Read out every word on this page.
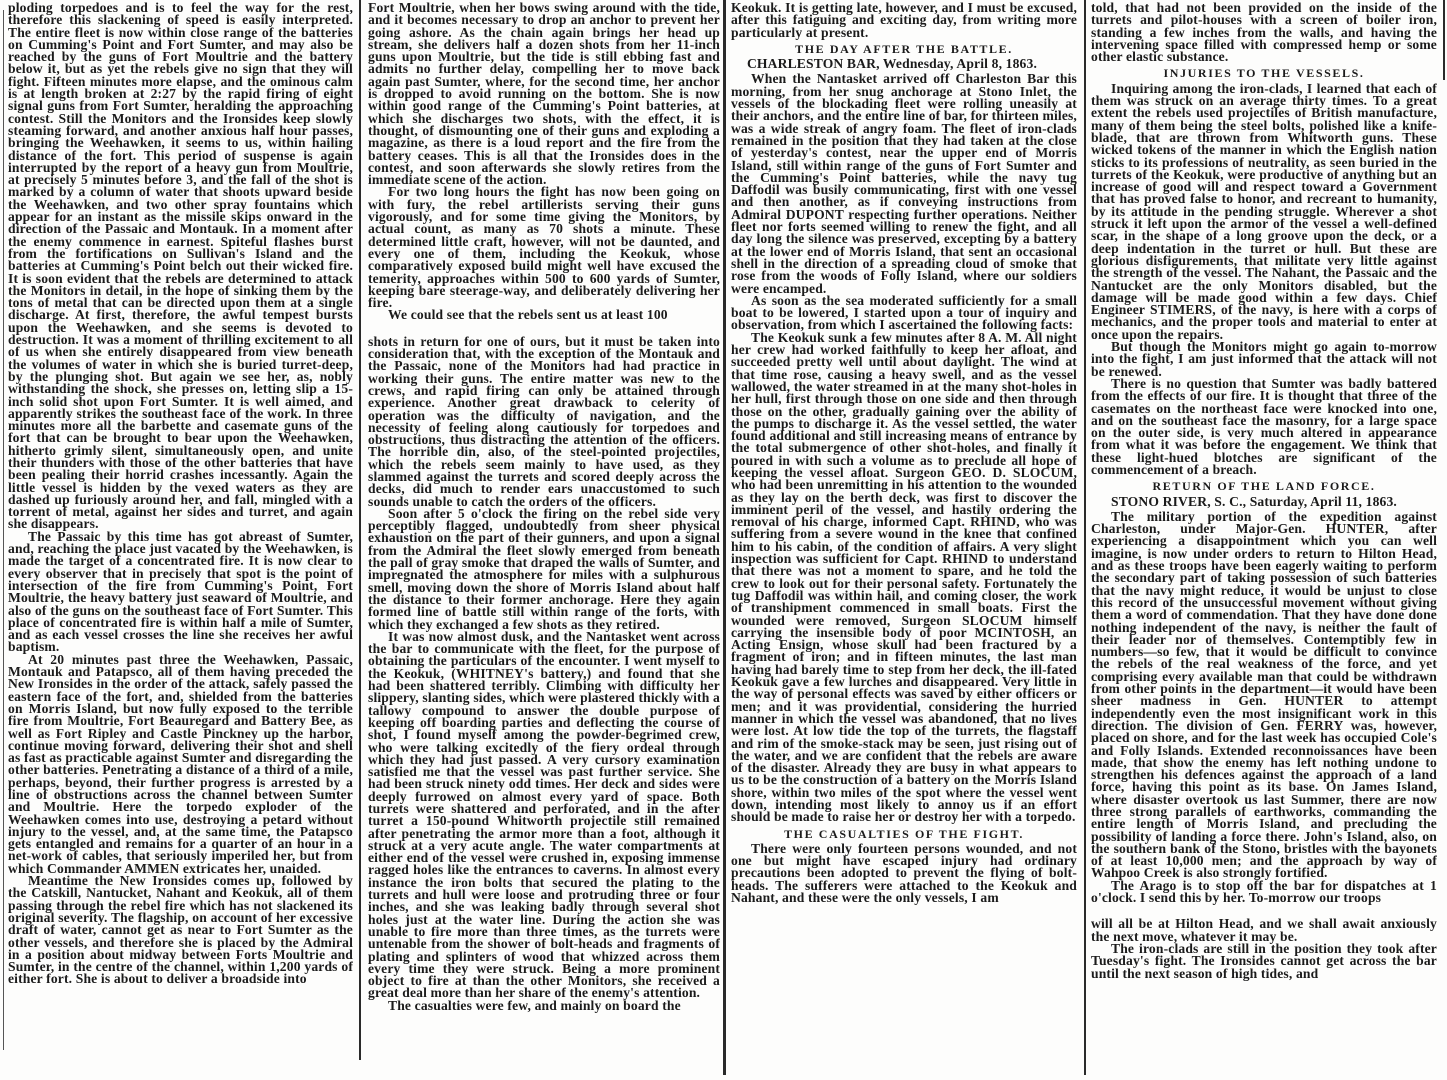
ploding torpedoes and is to feel the way for the rest, therefore this slackening of speed is easily interpreted. The entire fleet is now within close range of the batteries on Cumming's Point and Fort Sumter, and may also be reached by the guns of Fort Moultrie and the battery below it, but as yet the rebels give no sign that they will fight. Fifteen minutes more elapse, and the ominous calm is at length broken at 2:27 by the rapid firing of eight signal guns from Fort Sumter, heralding the approaching contest. Still the Monitors and the Ironsides keep slowly steaming forward, and another anxious half hour passes, bringing the Weehawken, it seems to us, within hailing distance of the fort. This period of suspense is again interrupted by the report of a heavy gun from Moultrie, at precisely 5 minutes before 3, and the fall of the shot is marked by a column of water that shoots upward beside the Weehawken, and two other spray fountains which appear for an instant as the missile skips onward in the direction of the Passaic and Montauk. In a moment after the enemy commence in earnest. Spiteful flashes burst from the fortifications on Sullivan's Island and the batteries at Cumming's Point belch out their wicked fire. It is soon evident that the rebels are determined to attack the Monitors in detail, in the hope of sinking them by the tons of metal that can be directed upon them at a single discharge. At first, therefore, the awful tempest bursts upon the Weehawken, and she seems is devoted to destruction. It was a moment of thrilling excitement to all of us when she entirely disappeared from view beneath the volumes of water in which she is buried turret-deep, by the plunging shot. But again we see her, as, nobly withstanding the shock, she presses on, letting slip a 15-inch solid shot upon Fort Sumter. It is well aimed, and apparently strikes the southeast face of the work. In three minutes more all the barbette and casemate guns of the fort that can be brought to bear upon the Weehawken, hitherto grimly silent, simultaneously open, and unite their thunders with those of the other batteries that have been pealing their horrid crashes incessantly. Again the little vessel is hidden by the vexed waters as they are dashed up furiously around her, and fall, mingled with a torrent of metal, against her sides and turret, and again she disappears.

The Passaic by this time has got abreast of Sumter, and, reaching the place just vacated by the Weehawken, is made the target of a concentrated fire. It is now clear to every observer that in precisely that spot is the point of intersection of the fire from Cumming's Point, Fort Moultrie, the heavy battery just seaward of Moultrie, and also of the guns on the southeast face of Fort Sumter. This place of concentrated fire is within half a mile of Sumter, and as each vessel crosses the line she receives her awful baptism.

At 20 minutes past three the Weehawken, Passaic, Montauk and Patapsco, all of them having preceded the New Ironsides in the order of the attack, safely passed the eastern face of the fort, and, shielded from the batteries on Morris Island, but now fully exposed to the terrible fire from Moultrie, Fort Beauregard and Battery Bee, as well as Fort Ripley and Castle Pinckney up the harbor, continue moving forward, delivering their shot and shell as fast as practicable against Sumter and disregarding the other batteries. Penetrating a distance of a third of a mile, perhaps, beyond, their further progress is arrested by a line of obstructions across the channel between Sumter and Moultrie. Here the torpedo exploder of the Weehawken comes into use, destroying a petard without injury to the vessel, and, at the same time, the Patapsco gets entangled and remains for a quarter of an hour in a net-work of cables, that seriously imperiled her, but from which Commander AMMEN extricates her, unaided.

Meantime the New Ironsides comes up, followed by the Catskill, Nantucket, Nahant and Keokuk, all of them passing through the rebel fire which has not slackened its original severity. The flagship, on account of her excessive draft of water, cannot get as near to Fort Sumter as the other vessels, and therefore she is placed by the Admiral in a position about midway between Forts Moultrie and Sumter, in the centre of the channel, within 1,200 yards of either fort. She is about to deliver a broadside into

Fort Moultrie, when her bows swing around with the tide, and it becomes necessary to drop an anchor to prevent her going ashore. As the chain again brings her head up stream, she delivers half a dozen shots from her 11-inch guns upon Moultrie, but the tide is still ebbing fast and admits no further delay, compelling her to move back again past Sumter, where, for the second time, her anchor is dropped to avoid running on the bottom. She is now within good range of the Cumming's Point batteries, at which she discharges two shots, with the effect, it is thought, of dismounting one of their guns and exploding a magazine, as there is a loud report and the fire from the battery ceases. This is all that the Ironsides does in the contest, and soon afterwards she slowly retires from the immediate scene of the action.

For two long hours the fight has now been going on with fury, the rebel artillerists serving their guns vigorously, and for some time giving the Monitors, by actual count, as many as 70 shots a minute. These determined little craft, however, will not be daunted, and every one of them, including the Keokuk, whose comparatively exposed build might well have excused the temerity, approaches within 500 to 600 yards of Sumter, keeping bare steerage-way, and deliberately delivering her fire.

We could see that the rebels sent us at least 100

shots in return for one of ours, but it must be taken into consideration that, with the exception of the Montauk and the Passaic, none of the Monitors had had practice in working their guns. The entire matter was new to the crews, and rapid firing can only be attained through experience. Another great drawback to celerity of operation was the difficulty of navigation, and the necessity of feeling along cautiously for torpedoes and obstructions, thus distracting the attention of the officers. The horrible din, also, of the steel-pointed projectiles, which the rebels seem mainly to have used, as they slammed against the turrets and scored deeply across the decks, did much to render ears unaccustomed to such sounds unable to catch the orders of the officers.

Soon after 5 o'clock the firing on the rebel side very perceptibly flagged, undoubtedly from sheer physical exhaustion on the part of their gunners, and upon a signal from the Admiral the fleet slowly emerged from beneath the pall of gray smoke that draped the walls of Sumter, and impregnated the atmosphere for miles with a sulphurous smell, moving down the shore of Morris Island about half the distance to their former anchorage. Here they again formed line of battle still within range of the forts, with which they exchanged a few shots as they retired.

It was now almost dusk, and the Nantasket went across the bar to communicate with the fleet, for the purpose of obtaining the particulars of the encounter. I went myself to the Keokuk, (WHITNEY's battery,) and found that she had been shattered terribly. Climbing with difficulty her slippery, slanting sides, which were plastered thickly with a tallowy compound to answer the double purpose of keeping off boarding parties and deflecting the course of shot, I found myself among the powder-begrimed crew, who were talking excitedly of the fiery ordeal through which they had just passed. A very cursory examination satisfied me that the vessel was past further service. She had been struck ninety odd times. Her deck and sides were deeply furrowed on almost every yard of space. Both turrets were shattered and perforated, and in the after turret a 150-pound Whitworth projectile still remained after penetrating the armor more than a foot, although it struck at a very acute angle. The water compartments at either end of the vessel were crushed in, exposing immense ragged holes like the entrances to caverns. In almost every instance the iron bolts that secured the plating to the turrets and hull were loose and protruding three or four inches, and she was leaking badly through several shot holes just at the water line. During the action she was unable to fire more than three times, as the turrets were untenable from the shower of bolt-heads and fragments of plating and splinters of wood that whizzed across them every time they were struck. Being a more prominent object to fire at than the other Monitors, she received a great deal more than her share of the enemy's attention.

The casualties were few, and mainly on board the

Keokuk. It is getting late, however, and I must be excused, after this fatiguing and exciting day, from writing more particularly at present.

THE DAY AFTER THE BATTLE.
CHARLESTON BAR, Wednesday, April 8, 1863.

When the Nantasket arrived off Charleston Bar this morning, from her snug anchorage at Stono Inlet, the vessels of the blockading fleet were rolling uneasily at their anchors, and the entire line of bar, for thirteen miles, was a wide streak of angry foam. The fleet of iron-clads remained in the position that they had taken at the close of yesterday's contest, near the upper end of Morris Island, still within range of the guns of Fort Sumter and the Cumming's Point batteries, while the navy tug Daffodil was busily communicating, first with one vessel and then another, as if conveying instructions from Admiral DUPONT respecting further operations. Neither fleet nor forts seemed willing to renew the fight, and all day long the silence was preserved, excepting by a battery at the lower end of Morris Island, that sent an occasional shell in the direction of a spreading cloud of smoke that rose from the woods of Folly Island, where our soldiers were encamped.

As soon as the sea moderated sufficiently for a small boat to be lowered, I started upon a tour of inquiry and observation, from which I ascertained the following facts:

The Keokuk sunk a few minutes after 8 A. M. All night her crew had worked faithfully to keep her afloat, and succeeded pretty well until about daylight. The wind at that time rose, causing a heavy swell, and as the vessel wallowed, the water streamed in at the many shot-holes in her hull, first through those on one side and then through those on the other, gradually gaining over the ability of the pumps to discharge it. As the vessel settled, the water found additional and still increasing means of entrance by the total submergence of other shot-holes, and finally it poured in with such a volume as to preclude all hope of keeping the vessel afloat. Surgeon GEO. D. SLOCUM, who had been unremitting in his attention to the wounded as they lay on the berth deck, was first to discover the imminent peril of the vessel, and hastily ordering the removal of his charge, informed Capt. RHIND, who was suffering from a severe wound in the knee that confined him to his cabin, of the condition of affairs. A very slight inspection was sufficient for Capt. RHIND to understand that there was not a moment to spare, and he told the crew to look out for their personal safety. Fortunately the tug Daffodil was within hail, and coming closer, the work of transhipment commenced in small boats. First the wounded were removed, Surgeon SLOCUM himself carrying the insensible body of poor MCINTOSH, an Acting Ensign, whose skull had been fractured by a fragment of iron; and in fifteen minutes, the last man having had barely time to step from her deck, the ill-fated Keokuk gave a few lurches and disappeared. Very little in the way of personal effects was saved by either officers or men; and it was providential, considering the hurried manner in which the vessel was abandoned, that no lives were lost. At low tide the top of the turrets, the flagstaff and rim of the smoke-stack may be seen, just rising out of the water, and we are confident that the rebels are aware of the disaster. Already they are busy in what appears to us to be the construction of a battery on the Morris Island shore, within two miles of the spot where the vessel went down, intending most likely to annoy us if an effort should be made to raise her or destroy her with a torpedo.

THE CASUALTIES OF THE FIGHT.

There were only fourteen persons wounded, and not one but might have escaped injury had ordinary precautions been adopted to prevent the flying of bolt-heads. The sufferers were attached to the Keokuk and Nahant, and these were the only vessels, I am

told, that had not been provided on the inside of the turrets and pilot-houses with a screen of boiler iron, standing a few inches from the walls, and having the intervening space filled with compressed hemp or some other elastic substance.

INJURIES TO THE VESSELS.

Inquiring among the iron-clads, I learned that each of them was struck on an average thirty times. To a great extent the rebels used projectiles of British manufacture, many of them being the steel bolts, polished like a knife-blade, that are thrown from Whitworth guns. These wicked tokens of the manner in which the English nation sticks to its professions of neutrality, as seen buried in the turrets of the Keokuk, were productive of anything but an increase of good will and respect toward a Government that has proved false to honor, and recreant to humanity, by its attitude in the pending struggle. Wherever a shot struck it left upon the armor of the vessel a well-defined scar, in the shape of a long groove upon the deck, or a deep indentation in the turret or hull. But these are glorious disfigurements, that militate very little against the strength of the vessel. The Nahant, the Passaic and the Nantucket are the only Monitors disabled, but the damage will be made good within a few days. Chief Engineer STIMERS, of the navy, is here with a corps of mechanics, and the proper tools and material to enter at once upon the repairs.

But though the Monitors might go again to-morrow into the fight, I am just informed that the attack will not be renewed.

There is no question that Sumter was badly battered from the effects of our fire. It is thought that three of the casemates on the northeast face were knocked into one, and on the southeast face the masonry, for a large space on the outer side, is very much altered in appearance from what it was before the engagement. We think that these light-hued blotches are significant of the commencement of a breach.

RETURN OF THE LAND FORCE.
STONO RIVER, S. C., Saturday, April 11, 1863.

The military portion of the expedition against Charleston, under Major-Gen. HUNTER, after experiencing a disappointment which you can well imagine, is now under orders to return to Hilton Head, and as these troops have been eagerly waiting to perform the secondary part of taking possession of such batteries that the navy might reduce, it would be unjust to close this record of the unsuccessful movement without giving them a word of commendation. That they have done done nothing independent of the navy, is neither the fault of their leader nor of themselves. Contemptibly few in numbers—so few, that it would be difficult to convince the rebels of the real weakness of the force, and yet comprising every available man that could be withdrawn from other points in the department—it would have been sheer madness in Gen. HUNTER to attempt independently even the most insignificant work in this direction. The division of Gen. FERRY was, however, placed on shore, and for the last week has occupied Cole's and Folly Islands. Extended reconnoissances have been made, that show the enemy has left nothing undone to strengthen his defences against the approach of a land force, having this point as its base. On James Island, where disaster overtook us last Summer, there are now three strong parallels of earthworks, commanding the entire length of Morris Island, and precluding the possibility of landing a force there. John's Island, also, on the southern bank of the Stono, bristles with the bayonets of at least 10,000 men; and the approach by way of Wahpoo Creek is also strongly fortified.

The Arago is to stop off the bar for dispatches at 1 o'clock. I send this by her. To-morrow our troops

will all be at Hilton Head, and we shall await anxiously the next move, whatever it may be.

The iron-clads are still in the position they took after Tuesday's fight. The Ironsides cannot get across the bar until the next season of high tides, and
